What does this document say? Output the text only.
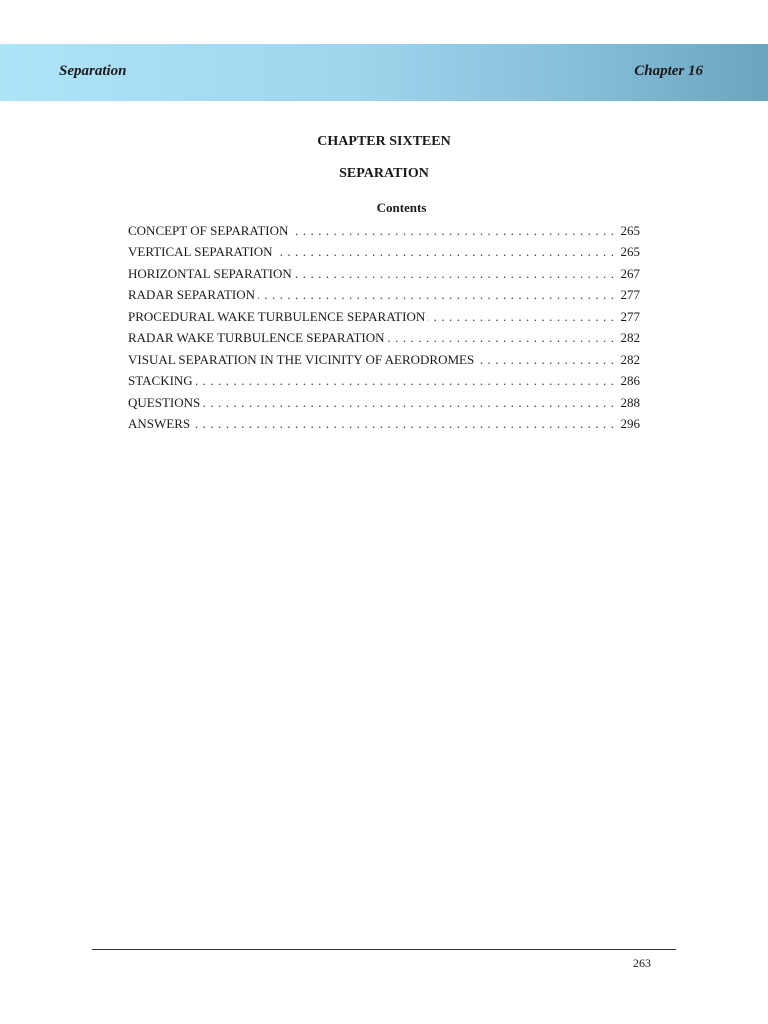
Separation	Chapter 16
CHAPTER SIXTEEN
SEPARATION
Contents
CONCEPT OF SEPARATION . . .	265
VERTICAL SEPARATION . . .	265
HORIZONTAL SEPARATION . . .	267
RADAR SEPARATION . . .	277
PROCEDURAL WAKE TURBULENCE SEPARATION . . .	277
RADAR WAKE TURBULENCE SEPARATION . . .	282
VISUAL SEPARATION IN THE VICINITY OF AERODROMES . . .	282
STACKING . . .	286
QUESTIONS . . .	288
ANSWERS . . .	296
263
